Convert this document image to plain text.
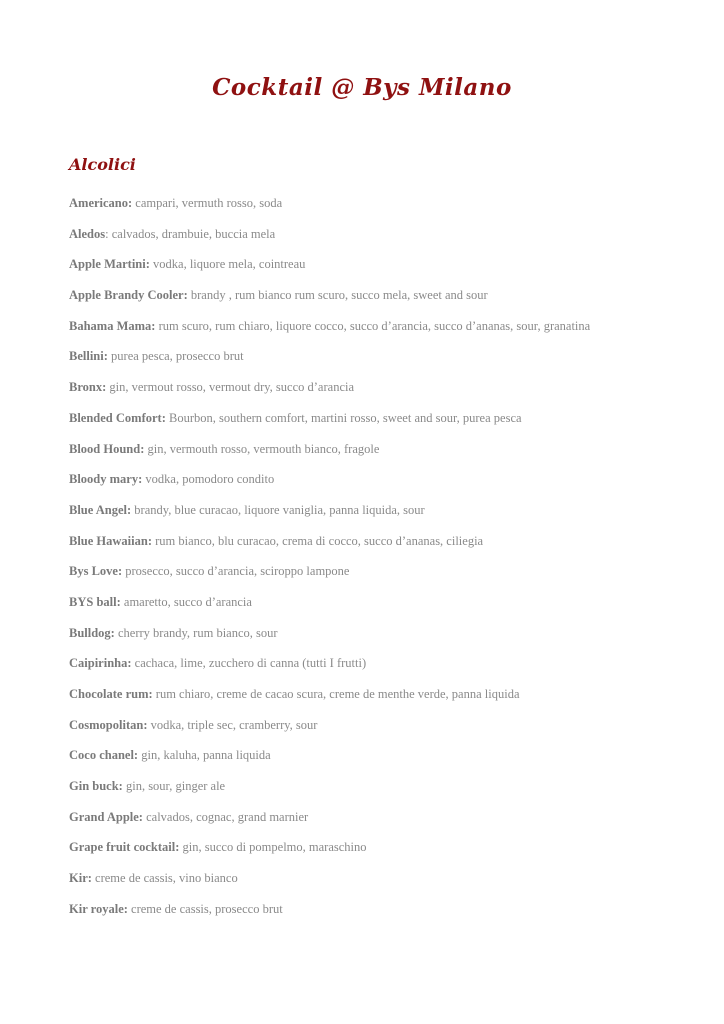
Cocktail @ Bys Milano
Alcolici
Americano: campari, vermuth rosso, soda
Aledos: calvados, drambuie, buccia mela
Apple Martini: vodka, liquore mela, cointreau
Apple Brandy Cooler: brandy , rum bianco rum scuro, succo mela, sweet and sour
Bahama Mama: rum scuro, rum chiaro, liquore cocco, succo d’arancia, succo d’ananas, sour, granatina
Bellini: purea pesca, prosecco brut
Bronx: gin, vermout rosso, vermout dry, succo d’arancia
Blended Comfort: Bourbon, southern comfort, martini rosso, sweet and sour, purea pesca
Blood Hound: gin, vermouth rosso, vermouth bianco, fragole
Bloody mary: vodka, pomodoro condito
Blue Angel: brandy, blue curacao, liquore vaniglia, panna liquida, sour
Blue Hawaiian: rum bianco, blu curacao, crema di cocco, succo d’ananas, ciliegia
Bys Love: prosecco, succo d’arancia, sciroppo lampone
BYS ball: amaretto, succo d’arancia
Bulldog: cherry brandy, rum bianco, sour
Caipirinha: cachaca, lime, zucchero di canna (tutti I frutti)
Chocolate rum: rum chiaro, creme de cacao scura, creme de menthe verde, panna liquida
Cosmopolitan: vodka, triple sec, cramberry, sour
Coco chanel: gin, kaluha, panna liquida
Gin buck: gin, sour, ginger ale
Grand Apple: calvados, cognac, grand marnier
Grape fruit cocktail: gin, succo di pompelmo, maraschino
Kir: creme de cassis, vino bianco
Kir royale: creme de cassis, prosecco brut
